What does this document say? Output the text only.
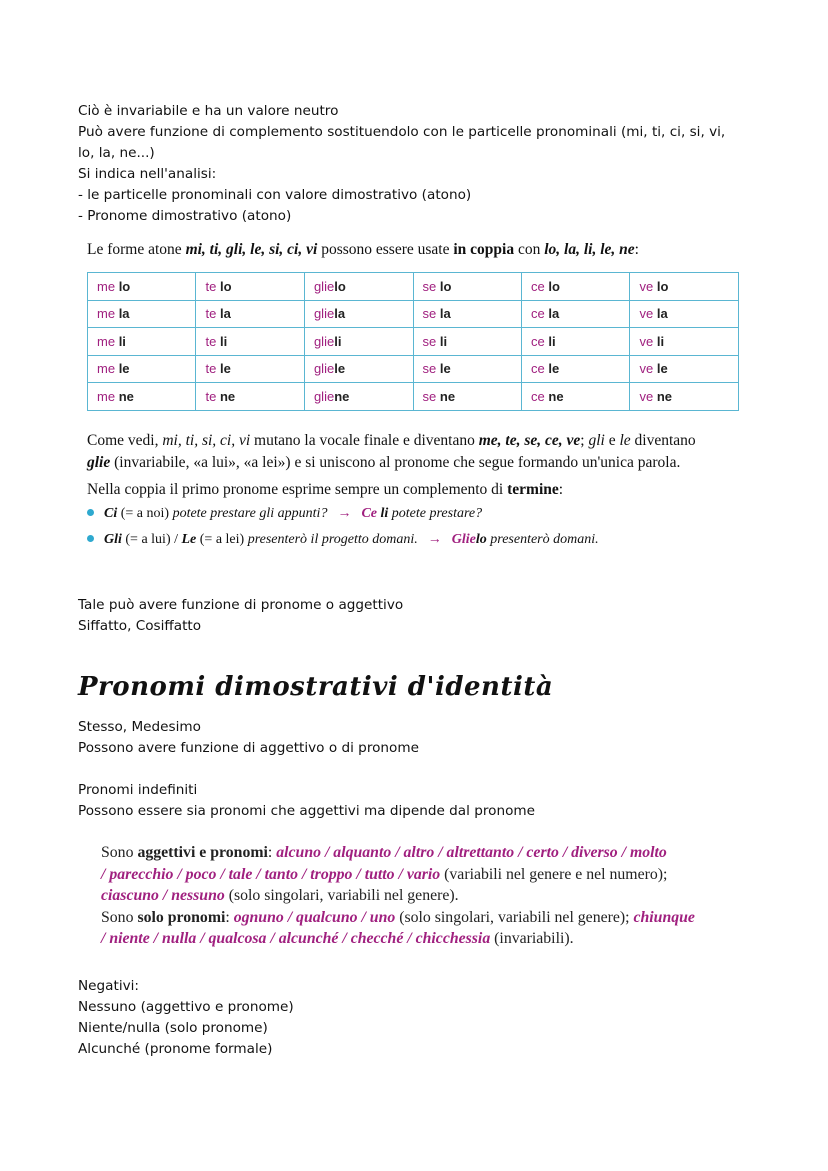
Ciò è invariabile e ha un valore neutro
Può avere funzione di complemento sostituendolo con le particelle pronominali (mi, ti, ci, si, vi,
lo, la, ne...)
Si indica nell'analisi:
- le particelle pronominali con valore dimostrativo (atono)
- Pronome dimostrativo (atono)
Le forme atone mi, ti, gli, le, si, ci, vi possono essere usate in coppia con lo, la, li, le, ne:
me lo	te lo	glielo	se lo	ce lo	ve lo
me la	te la	gliela	se la	ce la	ve la
me li	te li	glieli	se li	ce li	ve li
me le	te le	gliele	se le	ce le	ve le
me ne	te ne	gliene	se ne	ce ne	ve ne
Come vedi, mi, ti, si, ci, vi mutano la vocale finale e diventano me, te, se, ce, ve; gli e le diventano
glie (invariabile, «a lui», «a lei») e si uniscono al pronome che segue formando un'unica parola.
Nella coppia il primo pronome esprime sempre un complemento di termine:
Ci (= a noi) potete prestare gli appunti? → Ce li potete prestare?
Gli (= a lui) / Le (= a lei) presenterò il progetto domani. → Glielo presenterò domani.
Tale può avere funzione di pronome o aggettivo
Siffatto, Cosiffatto
Pronomi dimostrativi d'identità
Stesso, Medesimo
Possono avere funzione di aggettivo o di pronome
Pronomi indefiniti
Possono essere sia pronomi che aggettivi ma dipende dal pronome
Sono aggettivi e pronomi: alcuno / alquanto / altro / altrettanto / certo / diverso / molto
/ parecchio / poco / tale / tanto / troppo / tutto / vario (variabili nel genere e nel numero);
ciascuno / nessuno (solo singolari, variabili nel genere).
Sono solo pronomi: ognuno / qualcuno / uno (solo singolari, variabili nel genere); chiunque
/ niente / nulla / qualcosa / alcunché / checché / chicchessia (invariabili).
Negativi:
Nessuno (aggettivo e pronome)
Niente/nulla (solo pronome)
Alcunché (pronome formale)
